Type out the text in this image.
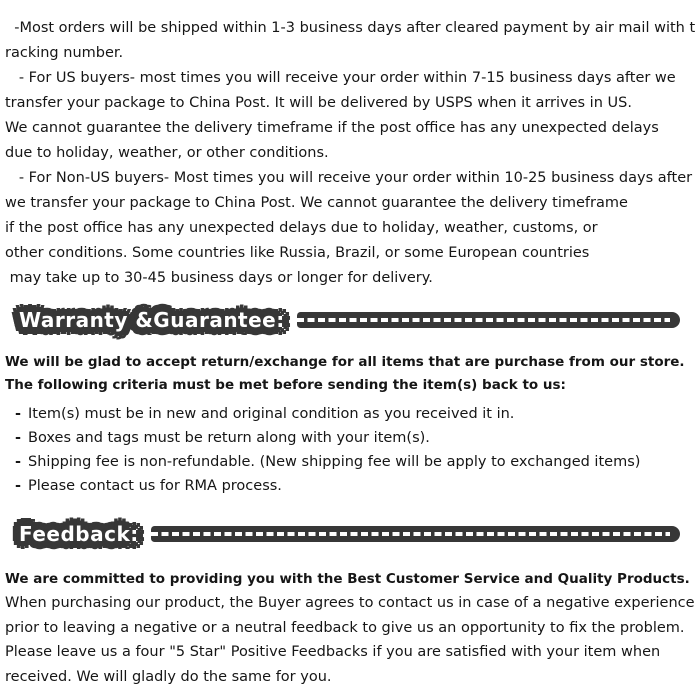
-Most orders will be shipped within 1-3 business days after cleared payment by air mail with t
racking number.
- For US buyers- most times you will receive your order within 7-15 business days after we
transfer your package to China Post. It will be delivered by USPS when it arrives in US.
We cannot guarantee the delivery timeframe if the post office has any unexpected delays
due to holiday, weather, or other conditions.
- For Non-US buyers- Most times you will receive your order within 10-25 business days after
we transfer your package to China Post. We cannot guarantee the delivery timeframe
if the post office has any unexpected delays due to holiday, weather, customs, or
other conditions. Some countries like Russia, Brazil, or some European countries
may take up to 30-45 business days or longer for delivery.
Warranty &Guarantee:
We will be glad to accept return/exchange for all items that are purchase from our store.
The following criteria must be met before sending the item(s) back to us:
- Item(s) must be in new and original condition as you received it in.
- Boxes and tags must be return along with your item(s).
- Shipping fee is non-refundable. (New shipping fee will be apply to exchanged items)
- Please contact us for RMA process.
Feedback:
We are committed to providing you with the Best Customer Service and Quality Products.
When purchasing our product, the Buyer agrees to contact us in case of a negative experience
prior to leaving a negative or a neutral feedback to give us an opportunity to fix the problem.
Please leave us a four "5 Star" Positive Feedbacks if you are satisfied with your item when
received. We will gladly do the same for you.
